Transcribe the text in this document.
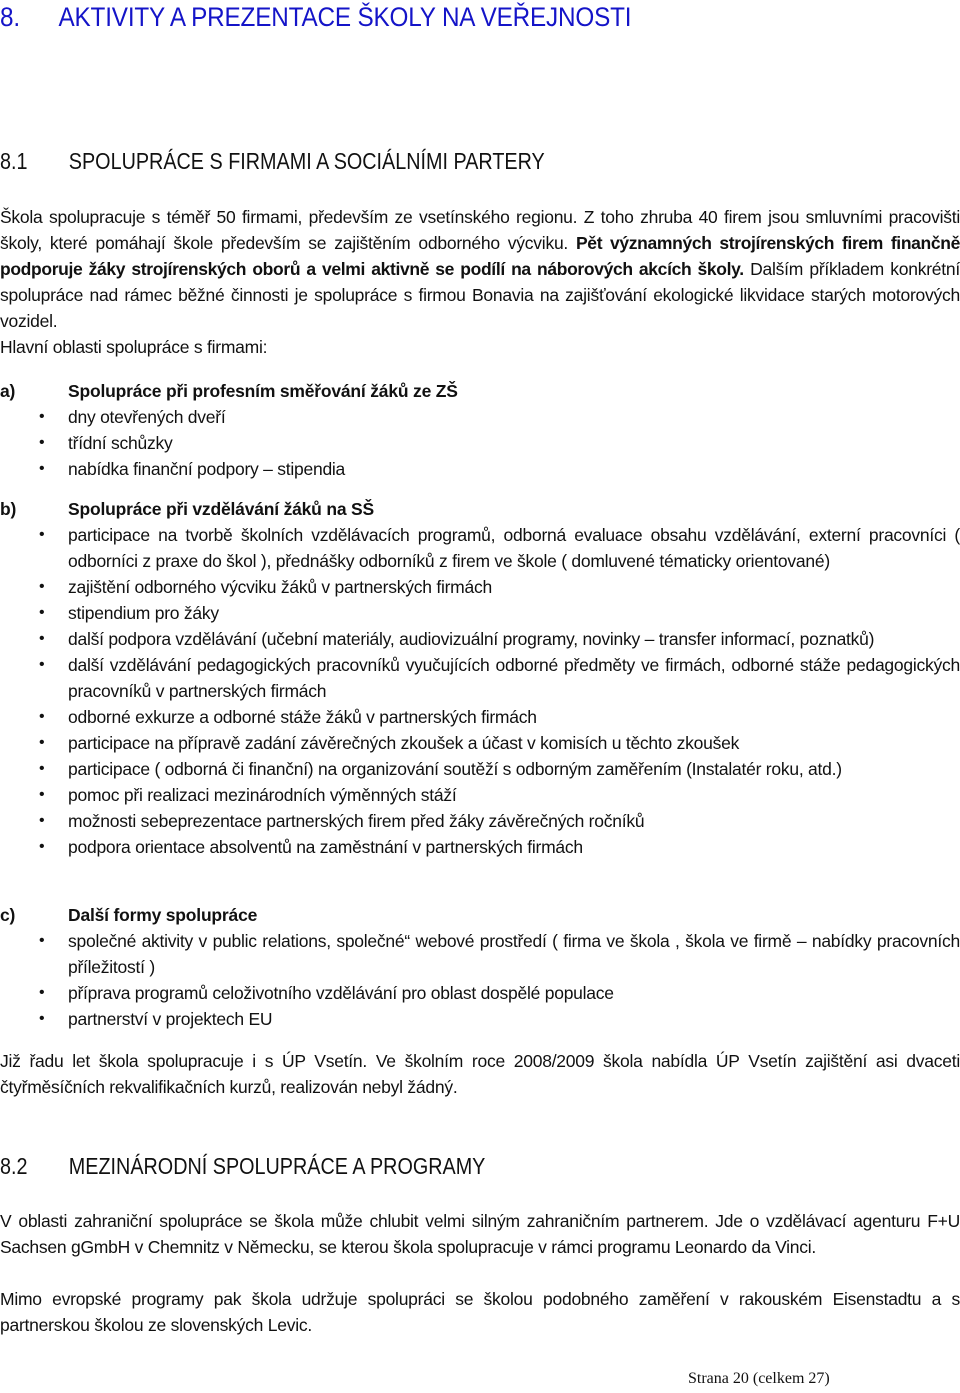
8. AKTIVITY A PREZENTACE ŠKOLY NA VEŘEJNOSTI
8.1 SPOLUPRÁCE S FIRMAMI A SOCIÁLNÍMI PARTERY

Škola spolupracuje s téměř 50 firmami, především ze vsetínského regionu. Z toho zhruba 40 firem jsou smluvními pracovišti školy, které pomáhají škole především se zajištěním odborného výcviku. Pět významných strojírenských firem finančně podporuje žáky strojírenských oborů a velmi aktivně se podílí na náborových akcích školy. Dalším příkladem konkrétní spolupráce nad rámec běžné činnosti je spolupráce s firmou Bonavia na zajišťování ekologické likvidace starých motorových vozidel.

Hlavní oblasti spolupráce s firmami:

a)	Spolupráce při profesním směřování žáků ze ZŠ
• dny otevřených dveří
• třídní schůzky
• nabídka finanční podpory – stipendia
b)	Spolupráce při vzdělávání žáků na SŠ
• participace na tvorbě školních vzdělávacích programů, odborná evaluace obsahu vzdělávání, externí pracovníci ( odborníci z praxe do škol ), přednášky odborníků z firem ve škole ( domluvené tématicky orientované)
• zajištění odborného výcviku žáků v partnerských firmách
• stipendium pro žáky
• další podpora vzdělávání (učební materiály, audiovizuální programy, novinky – transfer informací, poznatků)
• další vzdělávání pedagogických pracovníků vyučujících odborné předměty ve firmách, odborné stáže pedagogických pracovníků v partnerských firmách
• odborné exkurze a odborné stáže žáků v partnerských firmách
• participace na přípravě zadání závěrečných zkoušek a účast v komisích u těchto zkoušek
• participace ( odborná či finanční) na organizování soutěží s odborným zaměřením (Instalatér roku, atd.)
• pomoc při realizaci mezinárodních výměnných stáží
• možnosti sebeprezentace partnerských firem před žáky závěrečných ročníků
• podpora orientace absolventů na zaměstnání v partnerských firmách
c)	Další formy spolupráce
• společné aktivity v public relations, společné“ webové prostředí ( firma ve škola , škola ve firmě – nabídky pracovních příležitostí )
• příprava programů celoživotního vzdělávání pro oblast dospělé populace
• partnerství v projektech EU

Již řadu let škola spolupracuje i s ÚP Vsetín. Ve školním roce 2008/2009 škola nabídla ÚP Vsetín zajištění asi dvaceti čtyřměsíčních rekvalifikačních kurzů, realizován nebyl žádný.

8.2 MEZINÁRODNÍ SPOLUPRÁCE A PROGRAMY

V oblasti zahraniční spolupráce se škola může chlubit velmi silným zahraničním partnerem. Jde o vzdělávací agenturu F+U Sachsen gGmbH v Chemnitz v Německu, se kterou škola spolupracuje v rámci programu Leonardo da Vinci.

Mimo evropské programy pak škola udržuje spolupráci se školou podobného zaměření v rakouském Eisenstadtu a s partnerskou školou ze slovenských Levic.

Strana 20 (celkem 27)
